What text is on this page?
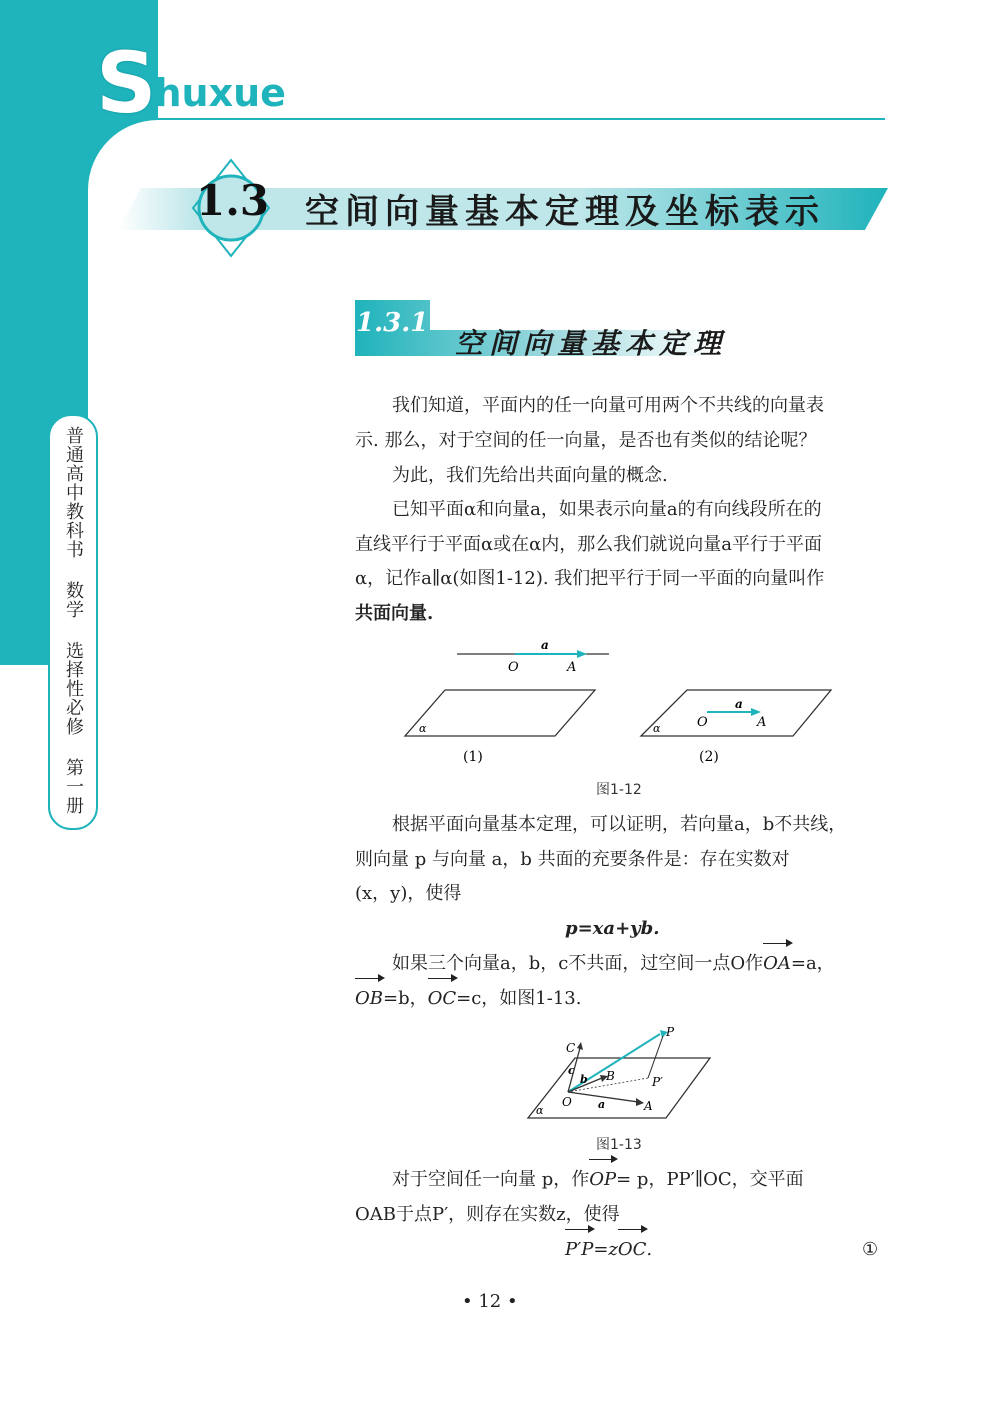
Shuxue
普通高中教科书 数学 选择性必修 第一册
1.3 空间向量基本定理及坐标表示
1.3.1
空间向量基本定理
我们知道，平面内的任一向量可用两个不共线的向量表
示. 那么，对于空间的任一向量，是否也有类似的结论呢？
为此，我们先给出共面向量的概念.
已知平面α和向量a，如果表示向量a的有向线段所在的
直线平行于平面α或在α内，那么我们就说向量a平行于平面
α，记作a∥α(如图1-12). 我们把平行于同一平面的向量叫作
共面向量.
a
O	A
α
a
O	A
α
(1)	(2)
图1-12
根据平面向量基本定理，可以证明，若向量a，b不共线，
则向量 p 与向量 a，b 共面的充要条件是：存在实数对
(x，y)，使得
p=xa+yb.
如果三个向量a，b，c不共面，过空间一点O作OA=a，
OB=b，OC=c，如图1-13.
P
C
c
b B	P′
O a	A
α
图1-13
对于空间任一向量 p，作OP= p，PP′∥OC，交平面
OAB于点P′，则存在实数z，使得
P′P=zOC.	①
• 12 •
